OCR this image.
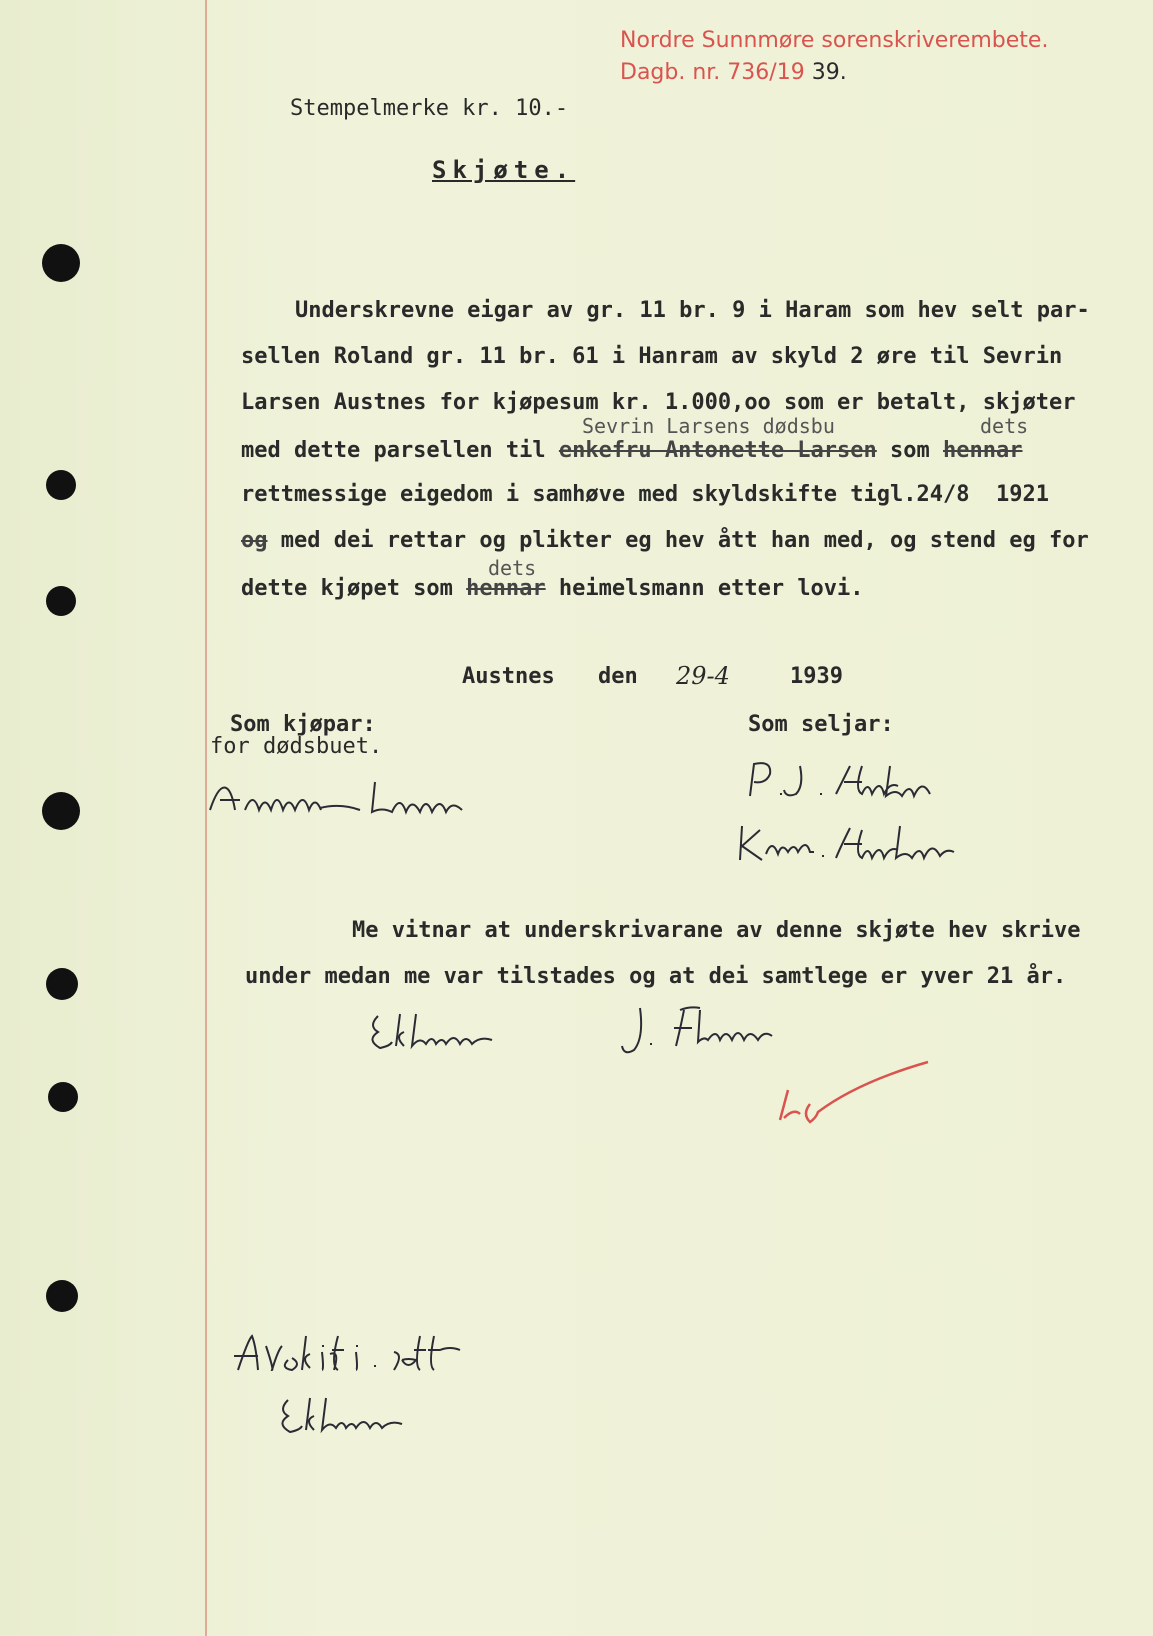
Nordre Sunnmøre sorenskriverembete.
Dagb. nr. 736/19 39.
Stempelmerke kr. 10.-
Skjøte.
Underskrevne eigar av gr. 11 br. 9 i Haram som hev selt par-
sellen Roland gr. 11 br. 61 i Hanram av skyld 2 øre til Sevrin
Larsen Austnes for kjøpesum kr. 1.000,oo som er betalt, skjøter
Sevrin Larsens dødsbu	dets
med dette parsellen til enkefru Antonette Larsen som hennar
rettmessige eigedom i samhøve med skyldskifte tigl.24/8  1921
og med dei rettar og plikter eg hev ått han med, og stend eg for
dets
dette kjøpet som hennar heimelsmann etter lovi.
Austnes den 29-4	1939
Som kjøpar:
for dødsbuet.
Som seljar:
Me vitnar at underskrivarane av denne skjøte hev skrive
under medan me var tilstades og at dei samtlege er yver 21 år.
